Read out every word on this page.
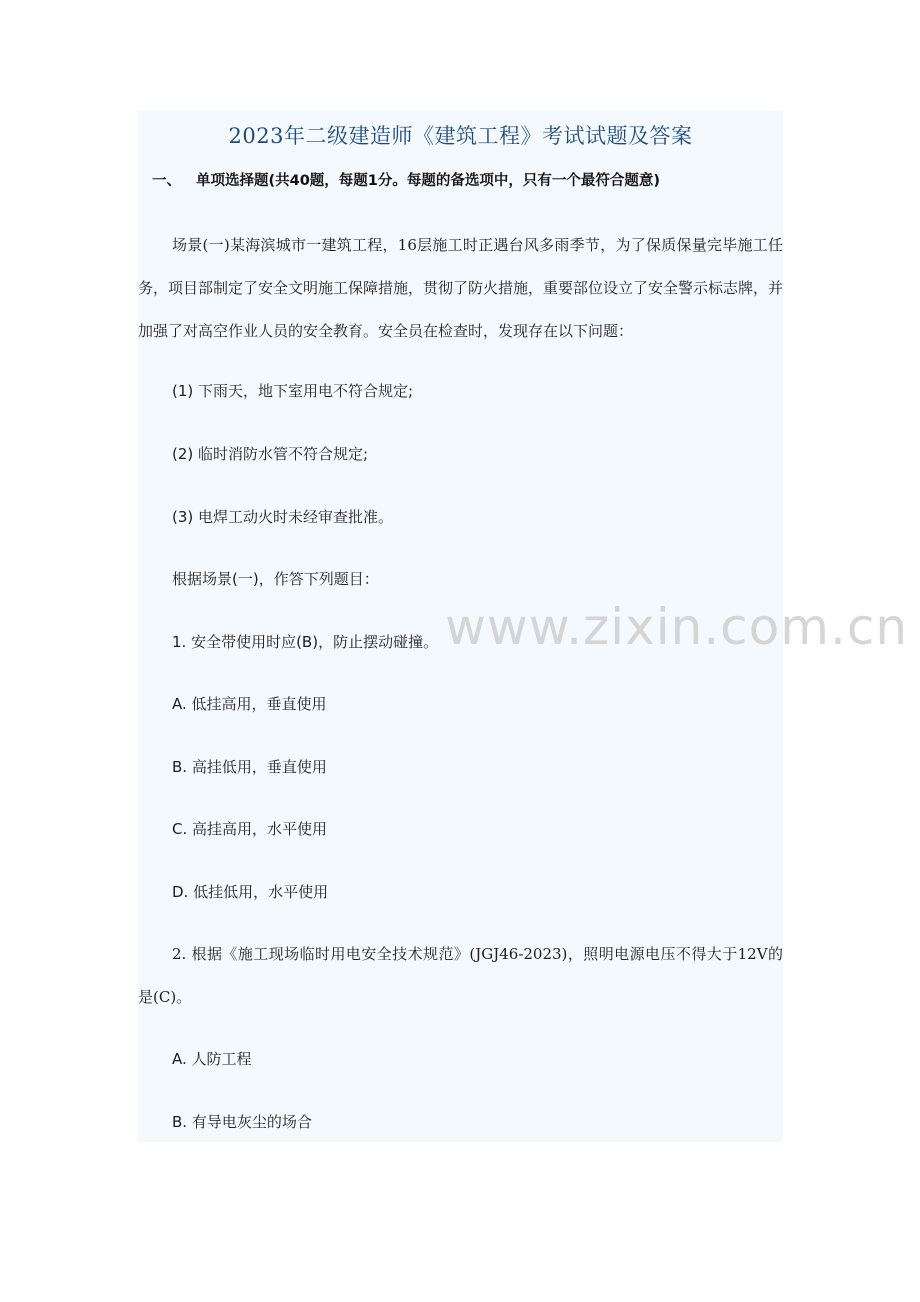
2023年二级建造师《建筑工程》考试试题及答案
一、 单项选择题(共40题，每题1分。每题的备选项中，只有一个最符合题意)

场景(一)某海滨城市一建筑工程，16层施工时正遇台风多雨季节，为了保质保量完毕施工任务，项目部制定了安全文明施工保障措施，贯彻了防火措施，重要部位设立了安全警示标志牌，并加强了对高空作业人员的安全教育。安全员在检查时，发现存在以下问题：

(1) 下雨天，地下室用电不符合规定;
(2) 临时消防水管不符合规定;
(3) 电焊工动火时未经审查批准。
根据场景(一)，作答下列题目：
1. 安全带使用时应(B)，防止摆动碰撞。
A. 低挂高用，垂直使用
B. 高挂低用，垂直使用
C. 高挂高用，水平使用
D. 低挂低用，水平使用

2. 根据《施工现场临时用电安全技术规范》(JGJ46-2023)，照明电源电压不得大于12V的是(C)。

A. 人防工程
B. 有导电灰尘的场合
www.zixin.com.cn
